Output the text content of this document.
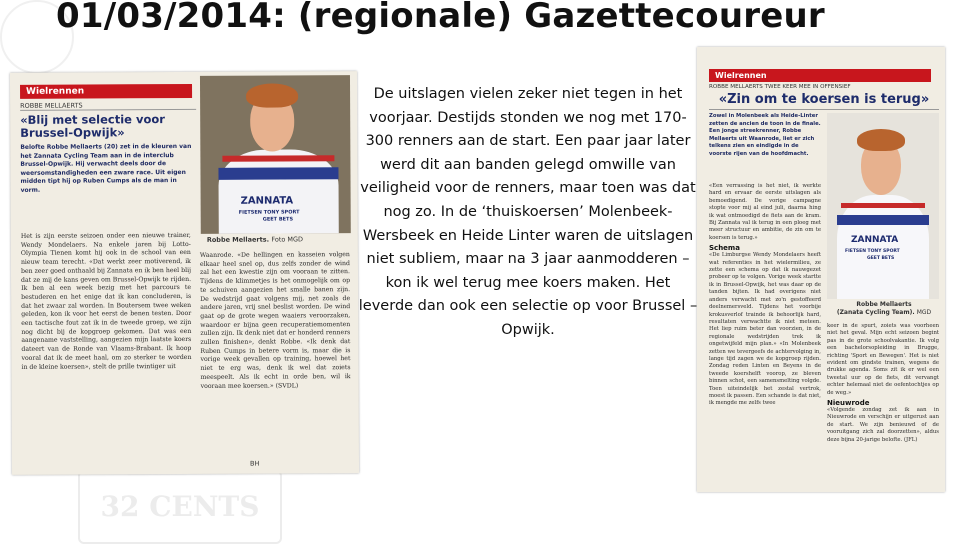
32 CENTS
01/03/2014: (regionale) Gazettecoureur

De uitslagen vielen zeker niet tegen in het voorjaar. Destijds stonden we nog met 170-300 renners aan de start. Een paar jaar later werd dit aan banden gelegd omwille van veiligheid voor de renners, maar toen was dat nog zo. In de ‘thuiskoersen’ Molenbeek-Wersbeek en Heide Linter waren de uitslagen niet subliem, maar na 3 jaar aanmodderen – kon ik wel terug mee koers maken. Het leverde dan ook een selectie op voor Brussel – Opwijk.

Wielrennen
ROBBE MELLAERTS
«Blij met selectie voor Brussel-Opwijk»
Belofte Robbe Mellaerts (20) zet in de kleuren van het Zannata Cycling Team aan in de interclub Brussel-Opwijk. Hij verwacht deels door de weersomstandigheden een zware race. Uit eigen midden tipt hij op Ruben Cumps als de man in vorm.
ZANNATA
FIETSEN TONY SPORT
GEET BETS
Robbe Mellaerts. Foto MGD
Het is zijn eerste seizoen onder een nieuwe trainer, Wendy Mondelaers. Na enkele jaren bij Lotto-Olympia Tienen komt hij ook in de school van een nieuw team terecht. «Dat werkt zeer motiverend, ik ben zeer goed onthaald bij Zannata en ik ben heel blij dat ze mij de kans geven om Brussel-Opwijk te rijden. Ik ben al een week bezig met het parcours te bestuderen en het enige dat ik kan concluderen, is dat het zwaar zal worden. In Boutersem twee weken geleden, kon ik voor het eerst de benen testen. Door een tactische fout zat ik in de tweede groep, we zijn nog dicht bij de kopgroep gekomen. Dat was een aangename vaststelling, aangezien mijn laatste koers dateert van de Ronde van Vlaams-Brabant. Ik hoop vooral dat ik de meet haal, om zo sterker te worden in de kleine koersen», stelt de prille twintiger uit
Waanrode. «De hellingen en kasseien volgen elkaar heel snel op, dus zelfs zonder de wind zal het een kwestie zijn om vooraan te zitten. Tijdens de klimmetjes is het onmogelijk om op te schuiven aangezien het smalle banen zijn. De wedstrijd gaat volgens mij, net zoals de andere jaren, vrij snel beslist worden. De wind gaat op de grote wegen waaiers veroorzaken, waardoor er bijna geen recuperatiemomenten zullen zijn. Ik denk niet dat er honderd renners zullen finishen», denkt Robbe. «Ik denk dat Ruben Cumps in betere vorm is, maar die is vorige week gevallen op training, hoewel het niet te erg was, denk ik wel dat zoiets meespeelt. Als ik echt in orde ben, wil ik vooraan mee koersen.» (SVDL)
BH
Wielrennen
ROBBE MELLAERTS TWEE KEER MEE IN OFFENSIEF
«Zin om te koersen is terug»
Zowel in Molenbeek als Heide-Linter zetten de ancien de toon in de finale. Een jonge streekrenner, Robbe Mellaerts uit Waanrode, liet er zich telkens zien en eindigde in de voorste rijen van de hoofdmacht.
ZANNATA
FIETSEN TONY SPORT
GEET BETS
Robbe Mellaerts
(Zanata Cycling Team). MGD
«Een verrassing is het niet, ik werkte hard en ervaar de eerste uitslagen als bemoedigend. De vorige campagne stopte voor mij al eind juli, daarna hing ik wat ontmoedigd de fiets aan de kram. Bij Zannata val ik terug in een ploeg met meer structuur en ambitie, de zin om te koersen is terug.»
Schema
«De Limburgse Wendy Mondelaers heeft wat referenties in het wielermilieu, ze zette een schema op dat ik nauwgezet probeer op te volgen. Vorige week startte ik in Brussel-Opwijk, het was daar op de tanden bijten. Ik had overigens niet anders verwacht met zo'n gestoffeerd deelnemersveld. Tijdens het voorbije krokusverlof trainde ik behoorlijk hard, resultaten verwachtte ik niet meteen. Het liep ruim beter dan voorzien, in de regionale wedstrijden trek ik ongetwijfeld mijn plan.» «In Molenbeek zetten we tevergeefs de achtervolging in, lange tijd zagen we de kopgroep rijden. Zondag reden Linten en Beyens in de tweede koershelft voorop, ze bleven binnen schot, een samensmelting volgde. Toen uiteindelijk het zestal vertrok, moest ik passen. Een schande is dat niet, ik mengde me zelfs twee
keer in de spurt, zoiets was voorheen niet het geval. Mijn echt seizoen begint pas in de grote schoolvakantie. Ik volg een bachelorsopleiding in Brugge, richting 'Sport en Bewegen'. Het is niet evident om gindste trainen, wegens de drukke agenda. Soms zit ik er wel een tweetal uur op de fiets, dit vervangt echter helemaal niet de oefentochtjes op de weg.»
Nieuwrode
«Volgende zondag zet ik aan in Nieuwrode en verschijn er uitgerust aan de start. We zijn benieuwd of de vooruitgang zich zal doorzetten», aldus deze bijna 20-jarige belofte. (JFL)
